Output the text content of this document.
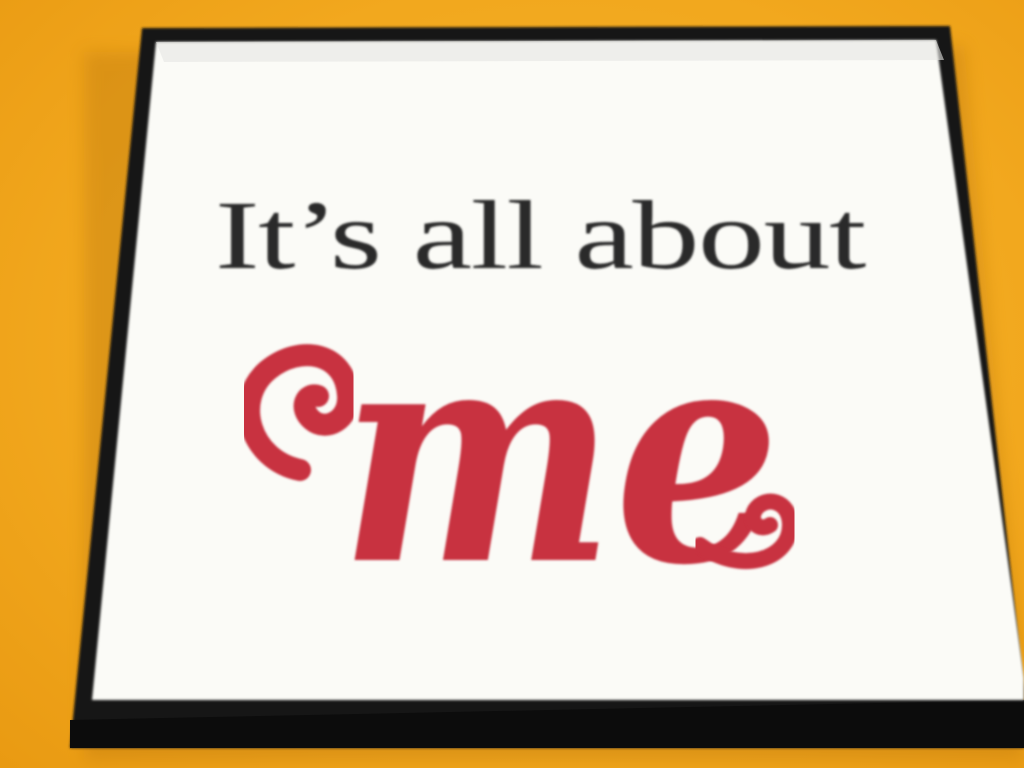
It’s all about
me
